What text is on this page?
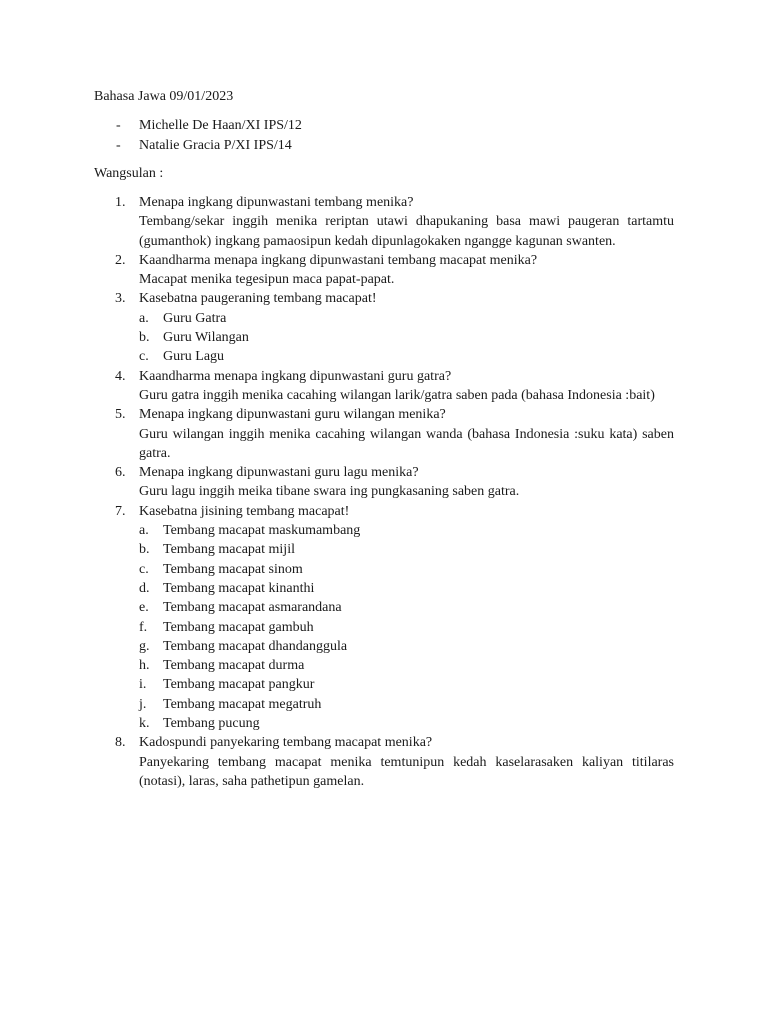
Bahasa Jawa 09/01/2023
- Michelle De Haan/XI IPS/12
- Natalie Gracia P/XI IPS/14
Wangsulan :
1. Menapa ingkang dipunwastani tembang menika?
Tembang/sekar inggih menika reriptan utawi dhapukaning basa mawi paugeran tartamtu (gumanthok) ingkang pamaosipun kedah dipunlagokaken ngangge kagunan swanten.
2. Kaandharma menapa ingkang dipunwastani tembang macapat menika?
Macapat menika tegesipun maca papat-papat.
3. Kasebatna paugeraning tembang macapat!
a. Guru Gatra
b. Guru Wilangan
c. Guru Lagu
4. Kaandharma menapa ingkang dipunwastani guru gatra?
Guru gatra inggih menika cacahing wilangan larik/gatra saben pada (bahasa Indonesia :bait)
5. Menapa ingkang dipunwastani guru wilangan menika?
Guru wilangan inggih menika cacahing wilangan wanda (bahasa Indonesia :suku kata) saben gatra.
6. Menapa ingkang dipunwastani guru lagu menika?
Guru lagu inggih meika tibane swara ing pungkasaning saben gatra.
7. Kasebatna jisining tembang macapat!
a. Tembang macapat maskumambang
b. Tembang macapat mijil
c. Tembang macapat sinom
d. Tembang macapat kinanthi
e. Tembang macapat asmarandana
f. Tembang macapat gambuh
g. Tembang macapat dhandanggula
h. Tembang macapat durma
i. Tembang macapat pangkur
j. Tembang macapat megatruh
k. Tembang pucung
8. Kadospundi panyekaring tembang macapat menika?
Panyekaring tembang macapat menika temtunipun kedah kaselarasaken kaliyan titilaras (notasi), laras, saha pathetipun gamelan.
